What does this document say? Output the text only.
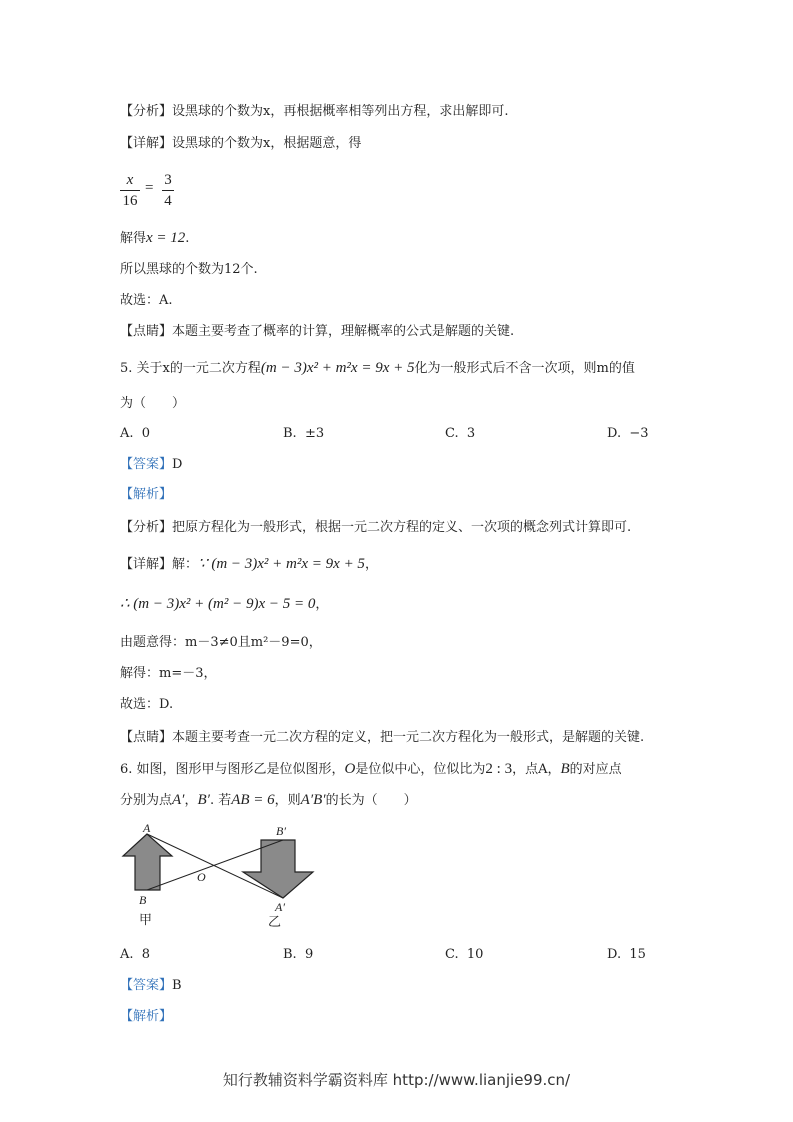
【分析】设黑球的个数为x，再根据概率相等列出方程，求出解即可.
【详解】设黑球的个数为x，根据题意，得
x
16
= 3
4
解得x = 12.
所以黑球的个数为12个.
故选：A.
【点睛】本题主要考查了概率的计算，理解概率的公式是解题的关键.
5. 关于x的一元二次方程(m − 3)x² + m²x = 9x + 5化为一般形式后不含一次项，则m的值
为（　　）
A. 0	B. ±3	C. 3	D. −3
【答案】D
【解析】
【分析】把原方程化为一般形式，根据一元二次方程的定义、一次项的概念列式计算即可.
【详解】解：∵ (m − 3)x² + m²x = 9x + 5，
∴ (m − 3)x² + (m² − 9)x − 5 = 0，
由题意得：m－3≠0且m²－9=0，
解得：m=－3，
故选：D.
【点睛】本题主要考查一元二次方程的定义，把一元二次方程化为一般形式，是解题的关键.
6. 如图，图形甲与图形乙是位似图形，O是位似中心，位似比为2 : 3，点A，B的对应点
分别为点A′，B′. 若AB = 6，则A′B′的长为（　　）
A
B
O
B′
A′
甲	乙
A. 8	B. 9	C. 10	D. 15
【答案】B
【解析】
知行教辅资料学霸资料库 http://www.lianjie99.cn/
